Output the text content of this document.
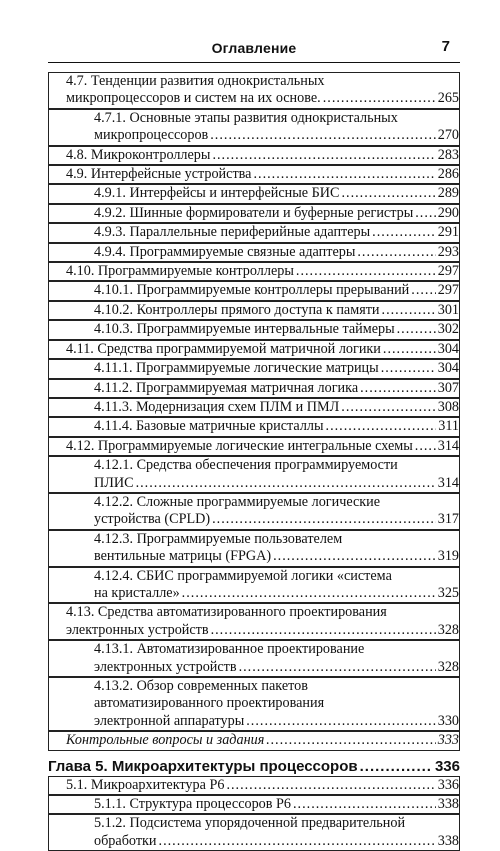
Оглавление	7
4.7. Тенденции развития однокристальных
микропроцессоров и систем на их основе. .....	265
4.7.1. Основные этапы развития однокристальных
микропроцессоров .....	270
4.8. Микроконтроллеры .....	283
4.9. Интерфейсные устройства .....	286
4.9.1. Интерфейсы и интерфейсные БИС .....	289
4.9.2. Шинные формирователи и буферные регистры ..... 290
4.9.3. Параллельные периферийные адаптеры .....	291
4.9.4. Программируемые связные адаптеры .....	293
4.10. Программируемые контроллеры .....	297
4.10.1. Программируемые контроллеры прерываний ..... 297
4.10.2. Контроллеры прямого доступа к памяти .....	301
4.10.3. Программируемые интервальные таймеры .....	302
4.11. Средства программируемой матричной логики .....	304
4.11.1. Программируемые логические матрицы .....	304
4.11.2. Программируемая матричная логика .....	307
4.11.3. Модернизация схем ПЛМ и ПМЛ .....	308
4.11.4. Базовые матричные кристаллы .....	311
4.12. Программируемые логические интегральные схемы ..... 314
4.12.1. Средства обеспечения программируемости
ПЛИС .....	314
4.12.2. Сложные программируемые логические
устройства (CPLD) .....	317
4.12.3. Программируемые пользователем
вентильные матрицы (FPGA) .....	319
4.12.4. СБИС программируемой логики «система
на кристалле» .....	325
4.13. Средства автоматизированного проектирования
электронных устройств .....	328
4.13.1. Автоматизированное проектирование
электронных устройств .....	328
4.13.2. Обзор современных пакетов
автоматизированного проектирования
электронной аппаратуры .....	330
Контрольные вопросы и задания .....	333
Глава 5. Микроархитектуры процессоров .....	336
5.1. Микроархитектура P6 .....	336
5.1.1. Структура процессоров P6 .....	338
5.1.2. Подсистема упорядоченной предварительной
обработки .....	338
